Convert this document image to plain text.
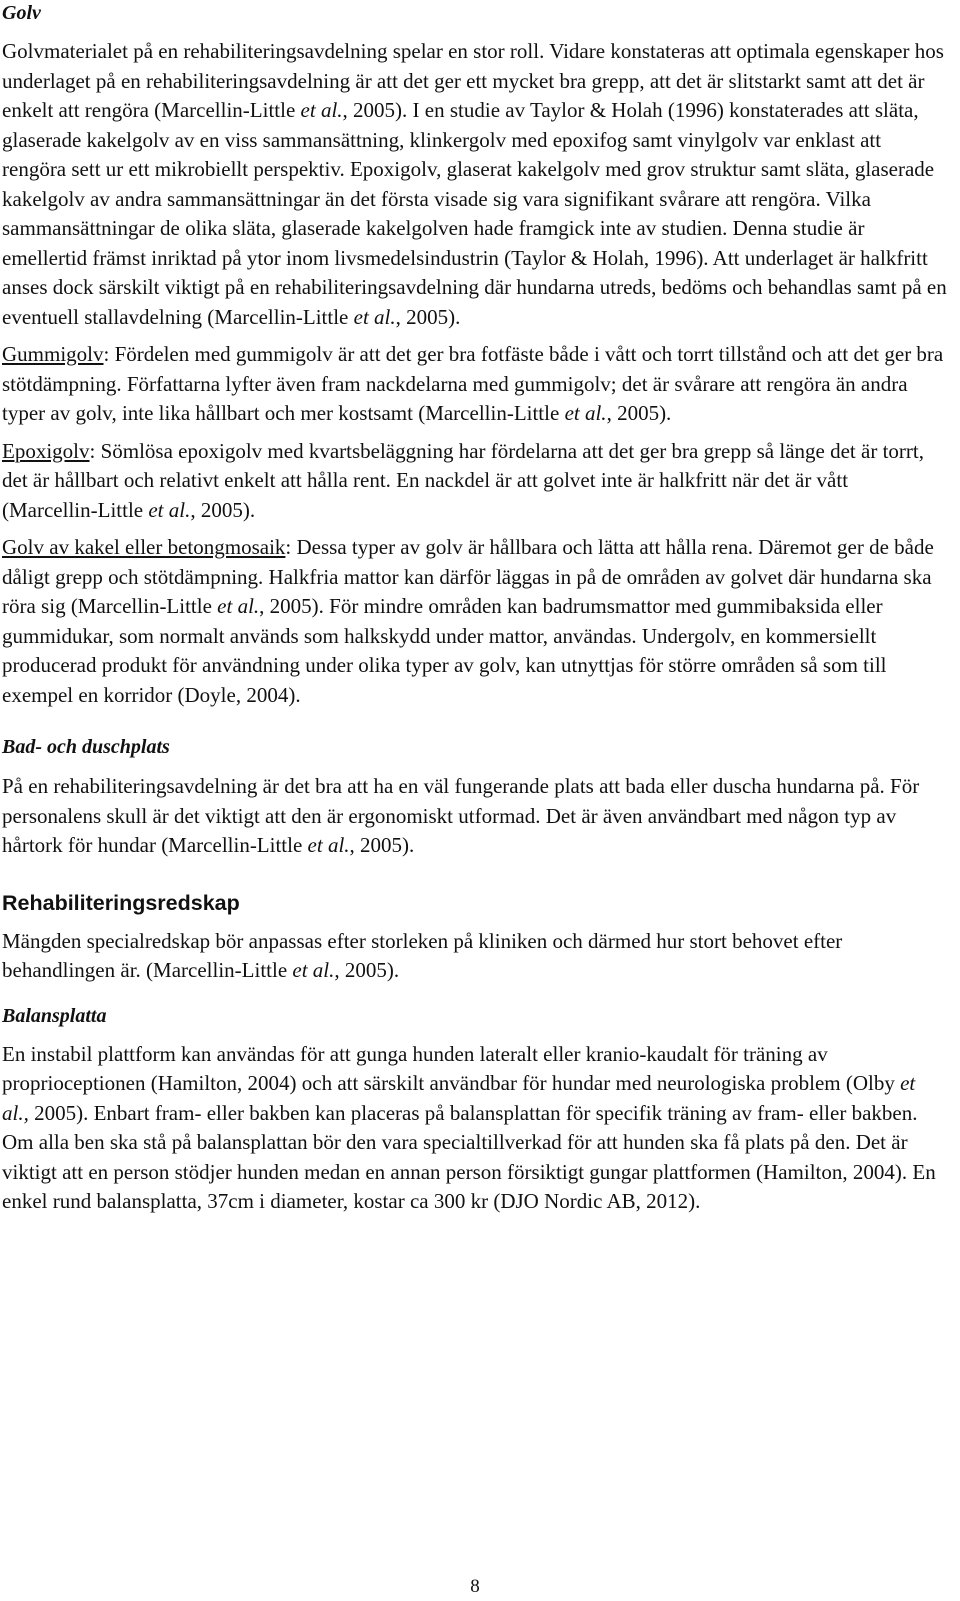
Golv

Golvmaterialet på en rehabiliteringsavdelning spelar en stor roll. Vidare konstateras att optimala egenskaper hos underlaget på en rehabiliteringsavdelning är att det ger ett mycket bra grepp, att det är slitstarkt samt att det är enkelt att rengöra (Marcellin-Little et al., 2005). I en studie av Taylor & Holah (1996) konstaterades att släta, glaserade kakelgolv av en viss sammansättning, klinkergolv med epoxifog samt vinylgolv var enklast att rengöra sett ur ett mikrobiellt perspektiv. Epoxigolv, glaserat kakelgolv med grov struktur samt släta, glaserade kakelgolv av andra sammansättningar än det första visade sig vara signifikant svårare att rengöra. Vilka sammansättningar de olika släta, glaserade kakelgolven hade framgick inte av studien. Denna studie är emellertid främst inriktad på ytor inom livsmedelsindustrin (Taylor & Holah, 1996). Att underlaget är halkfritt anses dock särskilt viktigt på en rehabiliteringsavdelning där hundarna utreds, bedöms och behandlas samt på en eventuell stallavdelning (Marcellin-Little et al., 2005).

Gummigolv: Fördelen med gummigolv är att det ger bra fotfäste både i vått och torrt tillstånd och att det ger bra stötdämpning. Författarna lyfter även fram nackdelarna med gummigolv; det är svårare att rengöra än andra typer av golv, inte lika hållbart och mer kostsamt (Marcellin-Little et al., 2005).

Epoxigolv: Sömlösa epoxigolv med kvartsbeläggning har fördelarna att det ger bra grepp så länge det är torrt, det är hållbart och relativt enkelt att hålla rent. En nackdel är att golvet inte är halkfritt när det är vått (Marcellin-Little et al., 2005).

Golv av kakel eller betongmosaik: Dessa typer av golv är hållbara och lätta att hålla rena. Däremot ger de både dåligt grepp och stötdämpning. Halkfria mattor kan därför läggas in på de områden av golvet där hundarna ska röra sig (Marcellin-Little et al., 2005). För mindre områden kan badrumsmattor med gummibaksida eller gummidukar, som normalt används som halkskydd under mattor, användas. Undergolv, en kommersiellt producerad produkt för användning under olika typer av golv, kan utnyttjas för större områden så som till exempel en korridor (Doyle, 2004).

Bad- och duschplats

På en rehabiliteringsavdelning är det bra att ha en väl fungerande plats att bada eller duscha hundarna på. För personalens skull är det viktigt att den är ergonomiskt utformad. Det är även användbart med någon typ av hårtork för hundar (Marcellin-Little et al., 2005).

Rehabiliteringsredskap

Mängden specialredskap bör anpassas efter storleken på kliniken och därmed hur stort behovet efter behandlingen är. (Marcellin-Little et al., 2005).

Balansplatta

En instabil plattform kan användas för att gunga hunden lateralt eller kranio-kaudalt för träning av proprioceptionen (Hamilton, 2004) och att särskilt användbar för hundar med neurologiska problem (Olby et al., 2005). Enbart fram- eller bakben kan placeras på balansplattan för specifik träning av fram- eller bakben. Om alla ben ska stå på balansplattan bör den vara specialtillverkad för att hunden ska få plats på den. Det är viktigt att en person stödjer hunden medan en annan person försiktigt gungar plattformen (Hamilton, 2004). En enkel rund balansplatta, 37cm i diameter, kostar ca 300 kr (DJO Nordic AB, 2012).

8
